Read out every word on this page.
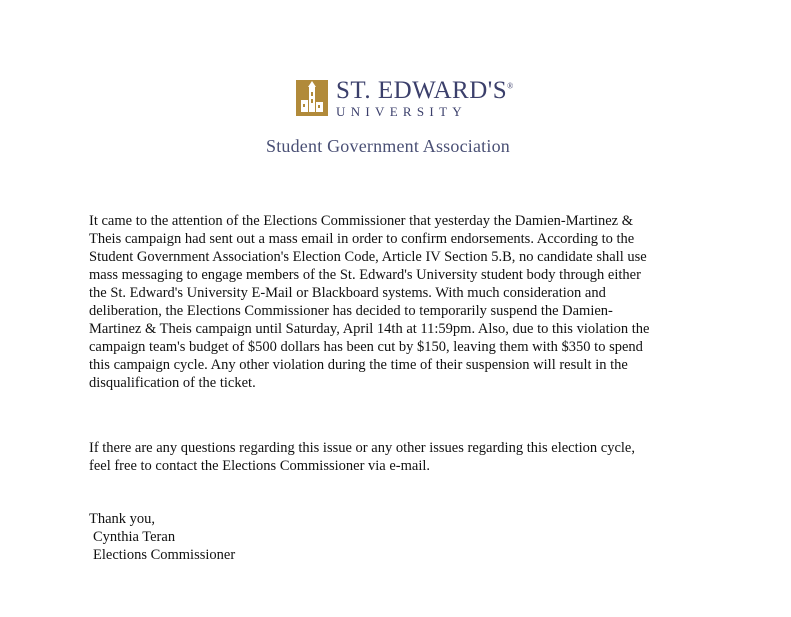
ST. EDWARD'S®
UNIVERSITY
Student Government Association

It came to the attention of the Elections Commissioner that yesterday the Damien-Martinez &

Theis campaign had sent out a mass email in order to confirm endorsements. According to the

Student Government Association's Election Code, Article IV Section 5.B, no candidate shall use

mass messaging to engage members of the St. Edward's University student body through either

the St. Edward's University E-Mail or Blackboard systems. With much consideration and

deliberation, the Elections Commissioner has decided to temporarily suspend the Damien-

Martinez & Theis campaign until Saturday, April 14th at 11:59pm. Also, due to this violation the

campaign team's budget of $500 dollars has been cut by $150, leaving them with $350 to spend

this campaign cycle. Any other violation during the time of their suspension will result in the

disqualification of the ticket.

If there are any questions regarding this issue or any other issues regarding this election cycle,

feel free to contact the Elections Commissioner via e-mail.

Thank you,
Cynthia Teran
Elections Commissioner
